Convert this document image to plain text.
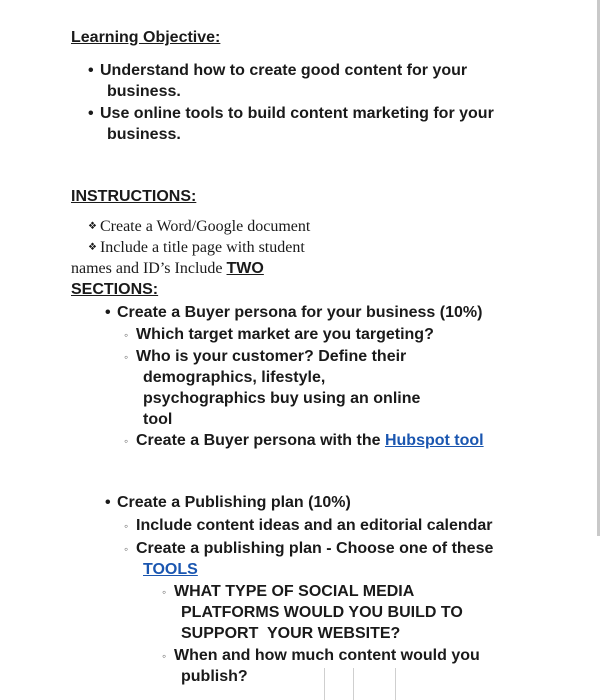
Learning Objective:
• Understand how to create good content for your
business.
• Use online tools to build content marketing for your
business.
INSTRUCTIONS:
❖ Create a Word/Google document
❖ Include a title page with student
names and ID’s Include TWO
SECTIONS:
• Create a Buyer persona for your business (10%)
◦ Which target market are you targeting?
◦ Who is your customer? Define their
demographics, lifestyle,
psychographics buy using an online
tool
◦ Create a Buyer persona with the Hubspot tool
• Create a Publishing plan (10%)
◦ Include content ideas and an editorial calendar
◦ Create a publishing plan - Choose one of these
TOOLS
◦ WHAT TYPE OF SOCIAL MEDIA
PLATFORMS WOULD YOU BUILD TO
SUPPORT  YOUR WEBSITE?
◦ When and how much content would you
publish?
